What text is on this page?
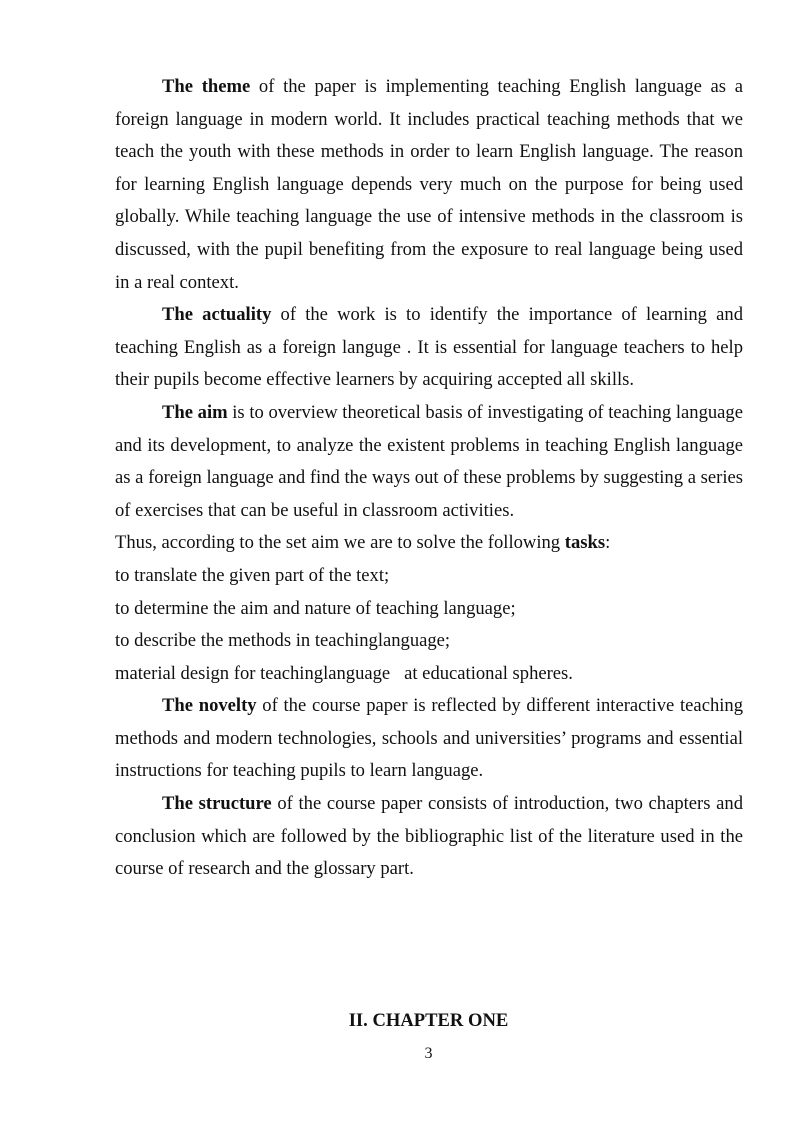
The theme of the paper is implementing teaching English language as a foreign language in modern world. It includes practical teaching methods that we teach the youth with these methods in order to learn English language. The reason for learning English language depends very much on the purpose for being used globally. While teaching language the use of intensive methods in the classroom is discussed, with the pupil benefiting from the exposure to real language being used in a real context.

The actuality of the work is to identify the importance of learning and teaching English as a foreign languge . It is essential for language teachers to help their pupils become effective learners by acquiring accepted all skills.

The aim is to overview theoretical basis of investigating of teaching language and its development, to analyze the existent problems in teaching English language as a foreign language and find the ways out of these problems by suggesting a series of exercises that can be useful in classroom activities.

Thus, according to the set aim we are to solve the following tasks:

to translate the given part of the text;

to determine the aim and nature of teaching language;

to describe the methods in teachinglanguage;

material design for teachinglanguage   at educational spheres.

The novelty of the course paper is reflected by different interactive teaching methods and modern technologies, schools and universities’ programs and essential instructions for teaching pupils to learn language.

The structure of the course paper consists of introduction, two chapters and conclusion which are followed by the bibliographic list of the literature used in the course of research and the glossary part.

II. CHAPTER ONE
3
